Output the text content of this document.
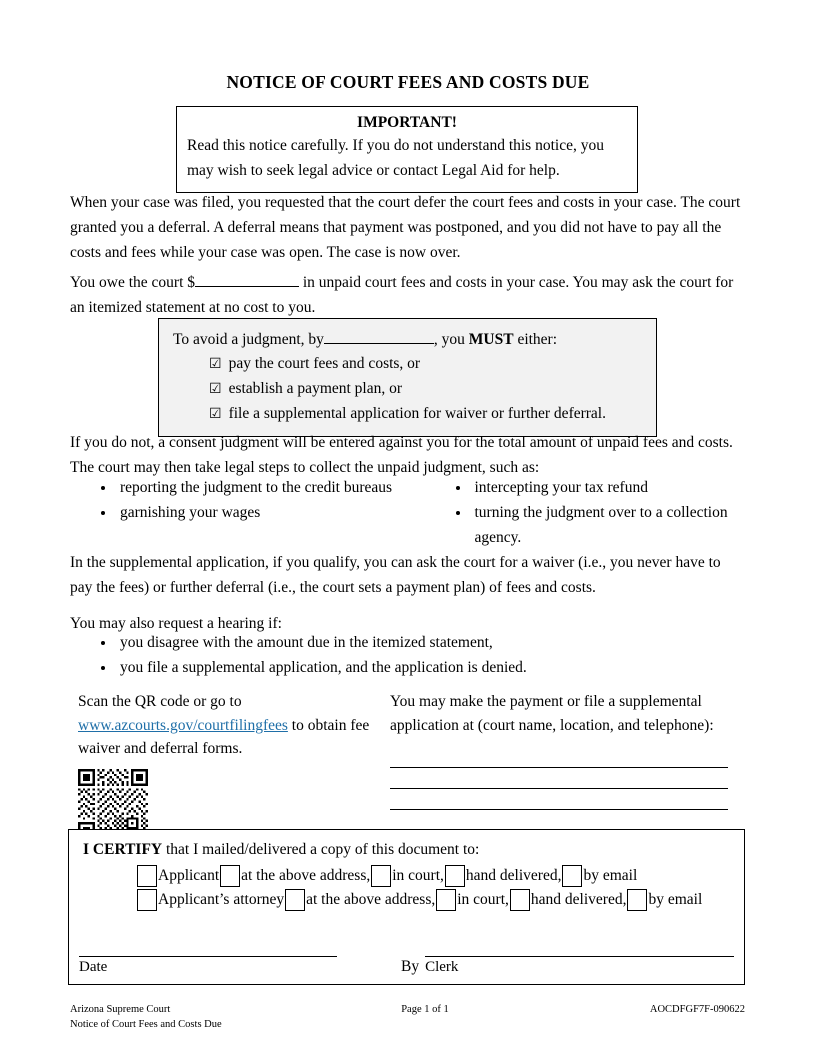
NOTICE OF COURT FEES AND COSTS DUE
IMPORTANT!
Read this notice carefully. If you do not understand this notice, you may wish to seek legal advice or contact Legal Aid for help.
When your case was filed, you requested that the court defer the court fees and costs in your case. The court granted you a deferral. A deferral means that payment was postponed, and you did not have to pay all the costs and fees while your case was open. The case is now over.
You owe the court $	in unpaid court fees and costs in your case. You may ask the court for an itemized statement at no cost to you.
To avoid a judgment, by	, you MUST either:
☑ pay the court fees and costs, or
☑ establish a payment plan, or
☑ file a supplemental application for waiver or further deferral.
If you do not, a consent judgment will be entered against you for the total amount of unpaid fees and costs. The court may then take legal steps to collect the unpaid judgment, such as:
• reporting the judgment to the credit bureaus
• garnishing your wages
• intercepting your tax refund
• turning the judgment over to a collection agency.
In the supplemental application, if you qualify, you can ask the court for a waiver (i.e., you never have to pay the fees) or further deferral (i.e., the court sets a payment plan) of fees and costs.
You may also request a hearing if:
• you disagree with the amount due in the itemized statement,
• you file a supplemental application, and the application is denied.

Scan the QR code or go to www.azcourts.gov/courtfilingfees to obtain fee waiver and deferral forms.

You may make the payment or file a supplemental application at (court name, location, and telephone):

I CERTIFY that I mailed/delivered a copy of this document to:
Applicant at the above address, in court, hand delivered, by email
Applicant’s attorney at the above address, in court, hand delivered, by email
Date	By Clerk
Arizona Supreme Court
Notice of Court Fees and Costs Due
Page 1 of 1	AOCDFGF7F-090622
